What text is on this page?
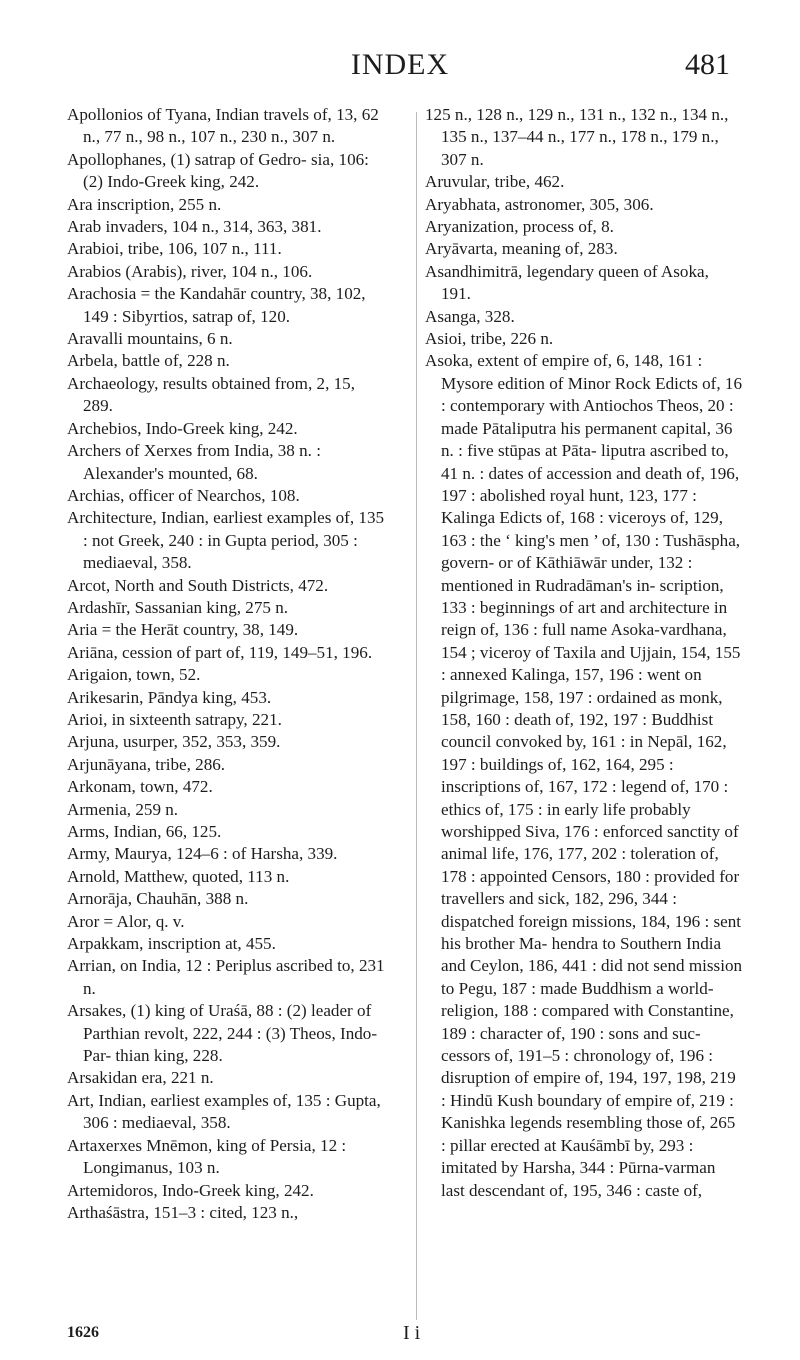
INDEX	481
Apollonios of Tyana, Indian travels of, 13, 62 n., 77 n., 98 n., 107 n., 230 n., 307 n.
Apollophanes, (1) satrap of Gedro- sia, 106: (2) Indo-Greek king, 242.
Ara inscription, 255 n.
Arab invaders, 104 n., 314, 363, 381.
Arabioi, tribe, 106, 107 n., 111.
Arabios (Arabis), river, 104 n., 106.
Arachosia = the Kandahār country, 38, 102, 149 : Sibyrtios, satrap of, 120.
Aravalli mountains, 6 n.
Arbela, battle of, 228 n.
Archaeology, results obtained from, 2, 15, 289.
Archebios, Indo-Greek king, 242.
Archers of Xerxes from India, 38 n. : Alexander's mounted, 68.
Archias, officer of Nearchos, 108.
Architecture, Indian, earliest examples of, 135 : not Greek, 240 : in Gupta period, 305 : mediaeval, 358.
Arcot, North and South Districts, 472.
Ardashīr, Sassanian king, 275 n.
Aria = the Herāt country, 38, 149.
Ariāna, cession of part of, 119, 149–51, 196.
Arigaion, town, 52.
Arikesarin, Pāndya king, 453.
Arioi, in sixteenth satrapy, 221.
Arjuna, usurper, 352, 353, 359.
Arjunāyana, tribe, 286.
Arkonam, town, 472.
Armenia, 259 n.
Arms, Indian, 66, 125.
Army, Maurya, 124–6 : of Harsha, 339.
Arnold, Matthew, quoted, 113 n.
Arnorāja, Chauhān, 388 n.
Aror = Alor, q. v.
Arpakkam, inscription at, 455.
Arrian, on India, 12 : Periplus ascribed to, 231 n.
Arsakes, (1) king of Uraśā, 88 : (2) leader of Parthian revolt, 222, 244 : (3) Theos, Indo-Par- thian king, 228.
Arsakidan era, 221 n.
Art, Indian, earliest examples of, 135 : Gupta, 306 : mediaeval, 358.
Artaxerxes Mnēmon, king of Persia, 12 : Longimanus, 103 n.
Artemidoros, Indo-Greek king, 242.
Arthaśāstra, 151–3 : cited, 123 n.,
125 n., 128 n., 129 n., 131 n., 132 n., 134 n., 135 n., 137–44 n., 177 n., 178 n., 179 n., 307 n.
Aruvular, tribe, 462.
Aryabhata, astronomer, 305, 306.
Aryanization, process of, 8.
Aryāvarta, meaning of, 283.
Asandhimitrā, legendary queen of Asoka, 191.
Asanga, 328.
Asioi, tribe, 226 n.
Asoka, extent of empire of, 6, 148, 161 : Mysore edition of Minor Rock Edicts of, 16 : contemporary with Antiochos Theos, 20 : made Pātaliputra his permanent capital, 36 n. : five stūpas at Pāta- liputra ascribed to, 41 n. : dates of accession and death of, 196, 197 : abolished royal hunt, 123, 177 : Kalinga Edicts of, 168 : viceroys of, 129, 163 : the ‘ king's men ’ of, 130 : Tushāspha, govern- or of Kāthiāwār under, 132 : mentioned in Rudradāman's in- scription, 133 : beginnings of art and architecture in reign of, 136 : full name Asoka-vardhana, 154 ; viceroy of Taxila and Ujjain, 154, 155 : annexed Kalinga, 157, 196 : went on pilgrimage, 158, 197 : ordained as monk, 158, 160 : death of, 192, 197 : Buddhist council convoked by, 161 : in Nepāl, 162, 197 : buildings of, 162, 164, 295 : inscriptions of, 167, 172 : legend of, 170 : ethics of, 175 : in early life probably worshipped Siva, 176 : enforced sanctity of animal life, 176, 177, 202 : toleration of, 178 : appointed Censors, 180 : provided for travellers and sick, 182, 296, 344 : dispatched foreign missions, 184, 196 : sent his brother Ma- hendra to Southern India and Ceylon, 186, 441 : did not send mission to Pegu, 187 : made Buddhism a world-religion, 188 : compared with Constantine, 189 : character of, 190 : sons and suc- cessors of, 191–5 : chronology of, 196 : disruption of empire of, 194, 197, 198, 219 : Hindū Kush boundary of empire of, 219 : Kanishka legends resembling those of, 265 : pillar erected at Kauśāmbī by, 293 : imitated by Harsha, 344 : Pūrna-varman last descendant of, 195, 346 : caste of,
1626	I i
